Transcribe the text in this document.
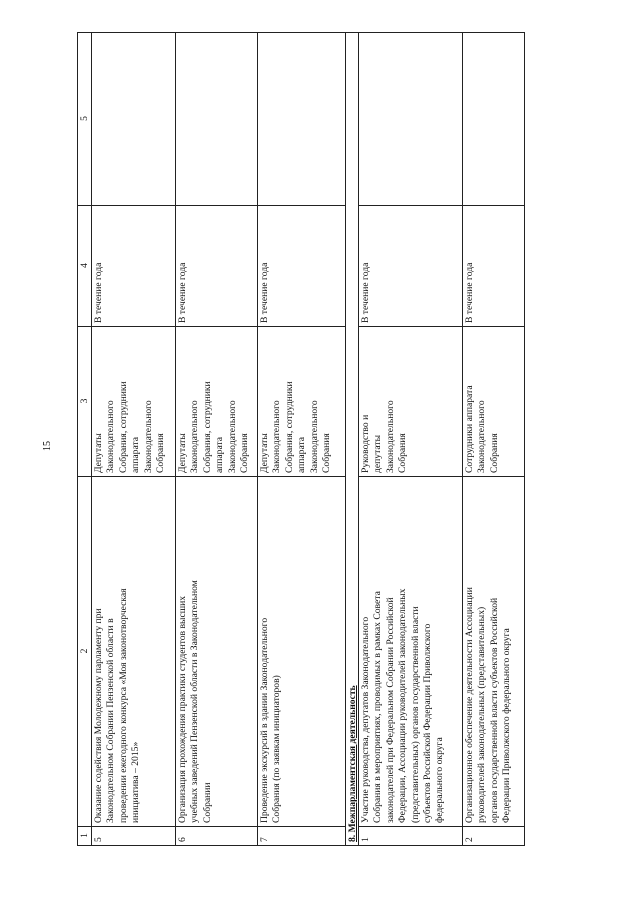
15
1
2
3
4
5
5
Оказание содействия Молодежному парламенту при
Законодательном Собрании Пензенской области в
проведении ежегодного конкурса «Моя законотворческая
инициатива – 2015»
Депутаты
Законодательного
Собрания, сотрудники
аппарата
Законодательного
Собрания
В течение года
6
Организация прохождения практики студентов высших
учебных заведений Пензенской области в Законодательном
Собрании
Депутаты
Законодательного
Собрания, сотрудники
аппарата
Законодательного
Собрания
В течение года
7
Проведение экскурсий в здании Законодательного
Собрания (по заявкам инициаторов)
Депутаты
Законодательного
Собрания, сотрудники
аппарата
Законодательного
Собрания
В течение года
8. Межпарламентская деятельность 1
Участие руководства, депутатов Законодательного
Собрания в мероприятиях, проводимых в рамках Совета
законодателей при Федеральном Собрании Российской
Федерации, Ассоциации руководителей законодательных
(представительных) органов государственной власти
субъектов Российской Федерации Приволжского
федерального округа
Руководство и
депутаты
Законодательного
Собрания
В течение года
2
Организационное обеспечение деятельности Ассоциации
руководителей законодательных (представительных)
органов государственной власти субъектов Российской
Федерации Приволжского федерального округа
Сотрудники аппарата
Законодательного
Собрания
В течение года
